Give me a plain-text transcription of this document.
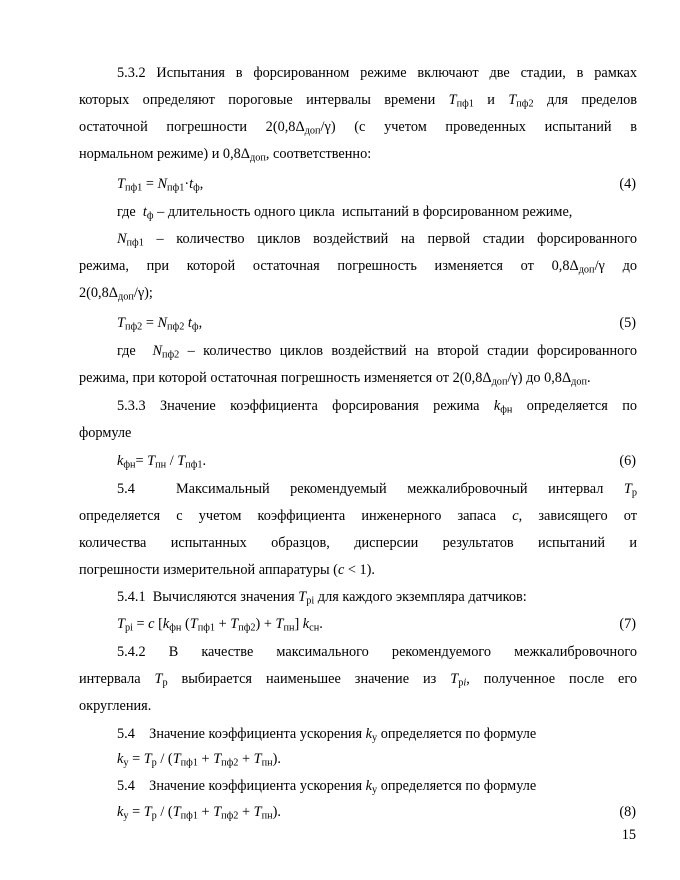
5.3.2 Испытания в форсированном режиме включают две стадии, в рамках
которых определяют пороговые интервалы времени $T_{пф1}$ и $T_{пф2}$ для пределов
остаточной погрешности $2(0,8\Delta_{доп}/\gamma)$ (с учетом проведенных испытаний в
нормальном режиме) и $0,8\Delta_{доп}$, соответственно:
$T_{пф1} = N_{пф1}\cdot t_ф$,	(4)
где  $t_ф$ – длительность одного цикла  испытаний в форсированном режиме,
$N_{пф1}$ – количество циклов воздействий на первой стадии форсированного
режима, при которой остаточная погрешность изменяется от $0,8\Delta_{доп}/\gamma$ до
$2(0,8\Delta_{доп}/\gamma)$;
$T_{пф2} = N_{пф2}$ $t_ф$,	(5)
где  $N_{пф2}$ – количество циклов воздействий на второй стадии форсированного
режима, при которой остаточная погрешность изменяется от $2(0,8\Delta_{доп}/\gamma)$ до $0,8\Delta_{доп}$.
5.3.3 Значение коэффициента форсирования режима $k_{фн}$ определяется по
формуле
$k_{фн}= T_{пн} / T_{пф1}$.	(6)
5.4  Максимальный рекомендуемый межкалибровочный интервал $T_р$
определяется с учетом коэффициента инженерного запаса c, зависящего от
количества испытанных образцов, дисперсии результатов испытаний и
погрешности измерительной аппаратуры (c < 1).
5.4.1  Вычисляются значения $T_{рi}$ для каждого экземпляра датчиков:
$T_{рi} = c$ [$k_{фн}$ $(T_{пф1} + T_{пф2}) + T_{пн}$] $k_{сн}$.	(7)
5.4.2 В качестве максимального рекомендуемого межкалибровочного
интервала $T_р$ выбирается наименьшее значение из $T_{рi}$, полученное после его
округления.
5.4    Значение коэффициента ускорения $k_у$ определяется по формуле
$k_у = T_р / (T_{пф1} + T_{пф2} + T_{пн})$.
5.4    Значение коэффициента ускорения $k_у$ определяется по формуле
$k_у = T_р / (T_{пф1} + T_{пф2} + T_{пн})$.	(8)
15
